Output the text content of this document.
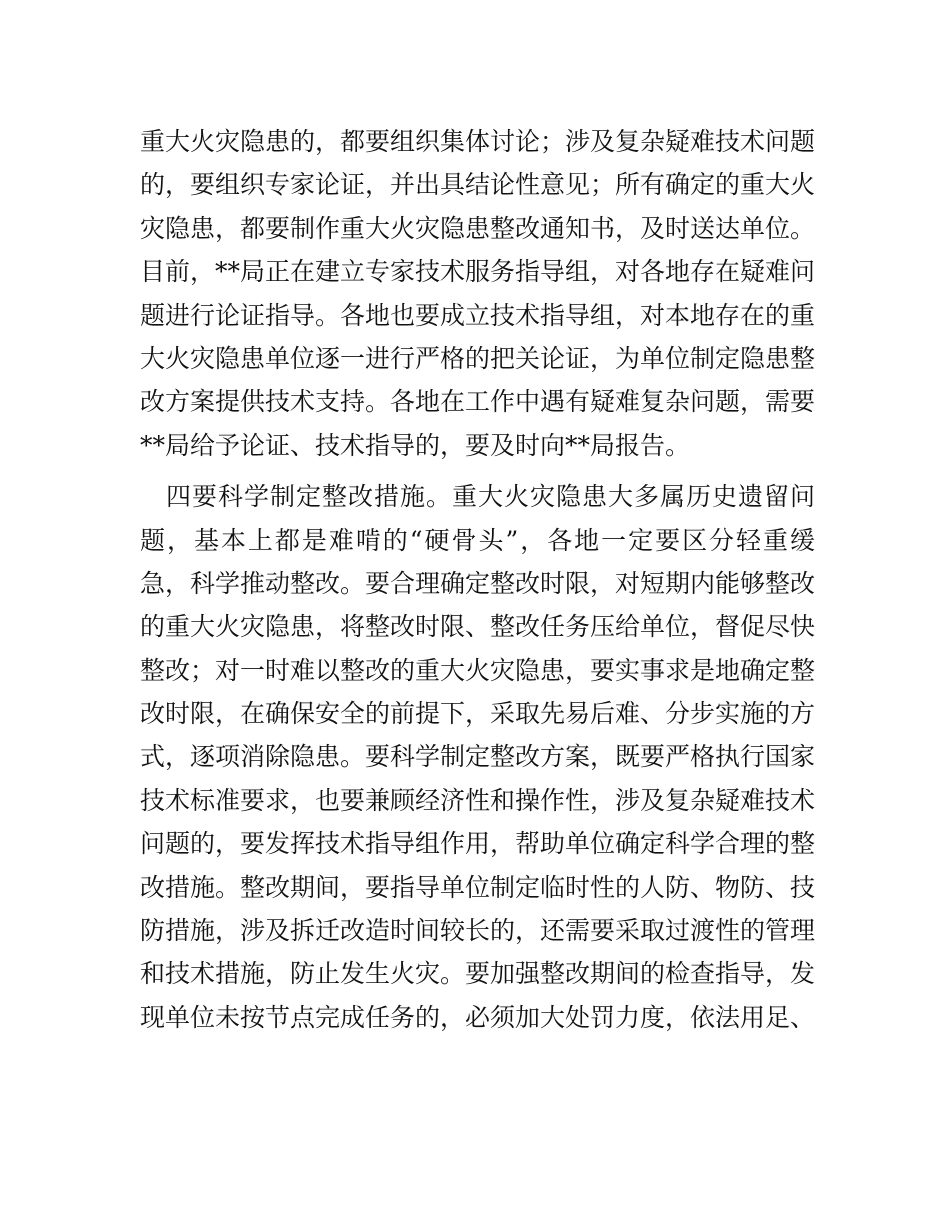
重大火灾隐患的，都要组织集体讨论；涉及复杂疑难技术问题
的，要组织专家论证，并出具结论性意见；所有确定的重大火
灾隐患，都要制作重大火灾隐患整改通知书，及时送达单位。
目前，**局正在建立专家技术服务指导组，对各地存在疑难问
题进行论证指导。各地也要成立技术指导组，对本地存在的重
大火灾隐患单位逐一进行严格的把关论证，为单位制定隐患整
改方案提供技术支持。各地在工作中遇有疑难复杂问题，需要
**局给予论证、技术指导的，要及时向**局报告。
　四要科学制定整改措施。重大火灾隐患大多属历史遗留问
题，基本上都是难啃的“硬骨头”，各地一定要区分轻重缓
急，科学推动整改。要合理确定整改时限，对短期内能够整改
的重大火灾隐患，将整改时限、整改任务压给单位，督促尽快
整改；对一时难以整改的重大火灾隐患，要实事求是地确定整
改时限，在确保安全的前提下，采取先易后难、分步实施的方
式，逐项消除隐患。要科学制定整改方案，既要严格执行国家
技术标准要求，也要兼顾经济性和操作性，涉及复杂疑难技术
问题的，要发挥技术指导组作用，帮助单位确定科学合理的整
改措施。整改期间，要指导单位制定临时性的人防、物防、技
防措施，涉及拆迁改造时间较长的，还需要采取过渡性的管理
和技术措施，防止发生火灾。要加强整改期间的检查指导，发
现单位未按节点完成任务的，必须加大处罚力度，依法用足、
